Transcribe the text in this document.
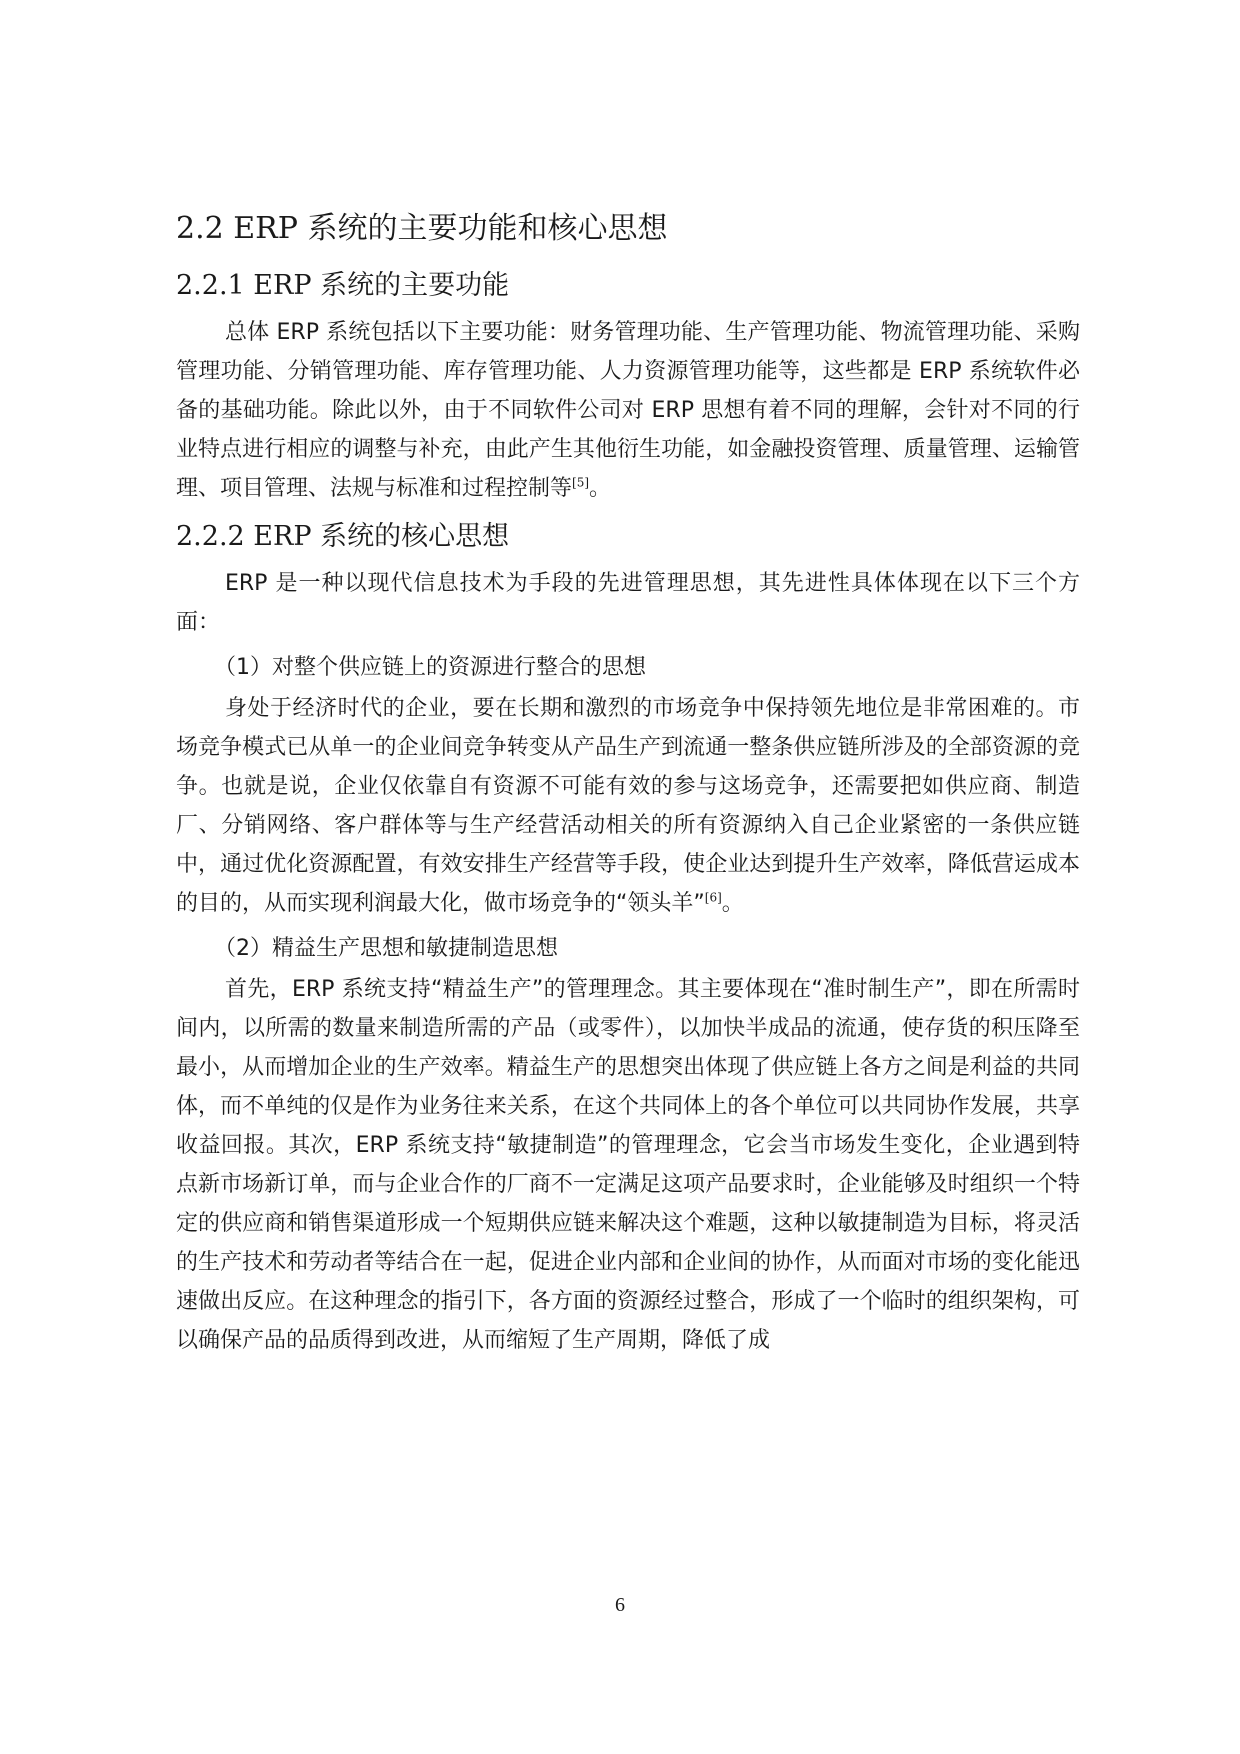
2.2 ERP 系统的主要功能和核心思想
2.2.1 ERP 系统的主要功能

总体 ERP 系统包括以下主要功能：财务管理功能、生产管理功能、物流管理功能、采购管理功能、分销管理功能、库存管理功能、人力资源管理功能等，这些都是 ERP 系统软件必备的基础功能。除此以外，由于不同软件公司对 ERP 思想有着不同的理解，会针对不同的行业特点进行相应的调整与补充，由此产生其他衍生功能，如金融投资管理、质量管理、运输管理、项目管理、法规与标准和过程控制等[5]。

2.2.2 ERP 系统的核心思想

ERP 是一种以现代信息技术为手段的先进管理思想，其先进性具体体现在以下三个方面：

（1）对整个供应链上的资源进行整合的思想

身处于经济时代的企业，要在长期和激烈的市场竞争中保持领先地位是非常困难的。市场竞争模式已从单一的企业间竞争转变从产品生产到流通一整条供应链所涉及的全部资源的竞争。也就是说，企业仅依靠自有资源不可能有效的参与这场竞争，还需要把如供应商、制造厂、分销网络、客户群体等与生产经营活动相关的所有资源纳入自己企业紧密的一条供应链中，通过优化资源配置，有效安排生产经营等手段，使企业达到提升生产效率，降低营运成本的目的，从而实现利润最大化，做市场竞争的“领头羊”[6]。

（2）精益生产思想和敏捷制造思想

首先，ERP 系统支持“精益生产”的管理理念。其主要体现在“准时制生产”，即在所需时间内，以所需的数量来制造所需的产品（或零件），以加快半成品的流通，使存货的积压降至最小，从而增加企业的生产效率。精益生产的思想突出体现了供应链上各方之间是利益的共同体，而不单纯的仅是作为业务往来关系，在这个共同体上的各个单位可以共同协作发展，共享收益回报。其次，ERP 系统支持“敏捷制造”的管理理念，它会当市场发生变化，企业遇到特点新市场新订单，而与企业合作的厂商不一定满足这项产品要求时，企业能够及时组织一个特定的供应商和销售渠道形成一个短期供应链来解决这个难题，这种以敏捷制造为目标，将灵活的生产技术和劳动者等结合在一起，促进企业内部和企业间的协作，从而面对市场的变化能迅速做出反应。在这种理念的指引下，各方面的资源经过整合，形成了一个临时的组织架构，可以确保产品的品质得到改进，从而缩短了生产周期，降低了成

6
